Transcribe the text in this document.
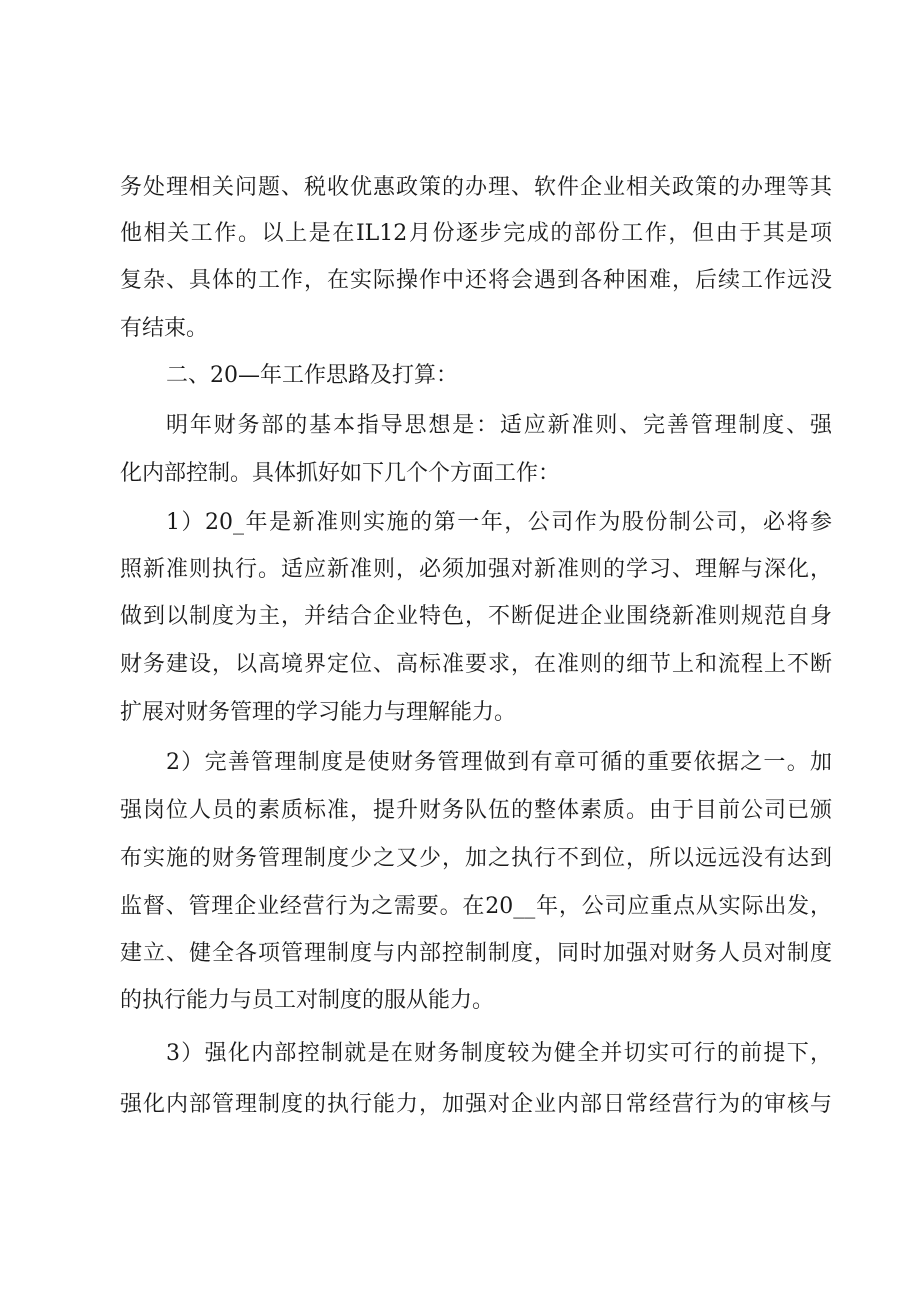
务处理相关问题、税收优惠政策的办理、软件企业相关政策的办理等其
他相关工作。以上是在IL12月份逐步完成的部份工作，但由于其是项
复杂、具体的工作，在实际操作中还将会遇到各种困难，后续工作远没
有结束。
二、20—年工作思路及打算：
明年财务部的基本指导思想是：适应新准则、完善管理制度、强
化内部控制。具体抓好如下几个个方面工作：
1）20_年是新准则实施的第一年，公司作为股份制公司，必将参
照新准则执行。适应新准则，必须加强对新准则的学习、理解与深化，
做到以制度为主，并结合企业特色，不断促进企业围绕新准则规范自身
财务建设，以高境界定位、高标准要求，在准则的细节上和流程上不断
扩展对财务管理的学习能力与理解能力。
2）完善管理制度是使财务管理做到有章可循的重要依据之一。加
强岗位人员的素质标准，提升财务队伍的整体素质。由于目前公司已颁
布实施的财务管理制度少之又少，加之执行不到位，所以远远没有达到
监督、管理企业经营行为之需要。在20__年，公司应重点从实际出发，
建立、健全各项管理制度与内部控制制度，同时加强对财务人员对制度
的执行能力与员工对制度的服从能力。
3）强化内部控制就是在财务制度较为健全并切实可行的前提下，
强化内部管理制度的执行能力，加强对企业内部日常经营行为的审核与
